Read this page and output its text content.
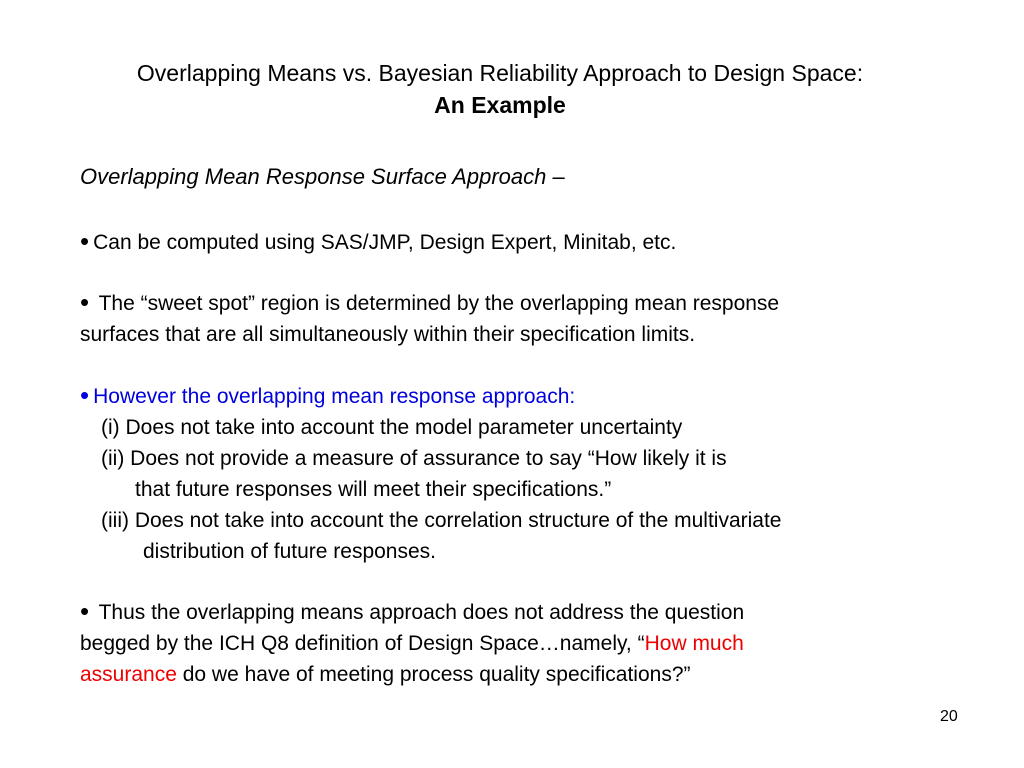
Overlapping Means vs. Bayesian Reliability Approach to Design Space:
An Example
Overlapping Mean Response Surface Approach –
• Can be computed using SAS/JMP, Design Expert, Minitab, etc.
• The “sweet spot” region is determined by the overlapping mean response
surfaces that are all simultaneously within their specification limits.
• However the overlapping mean response approach:
(i) Does not take into account the model parameter uncertainty
(ii) Does not provide a measure of assurance to say “How likely it is
that future responses will meet their specifications.”
(iii) Does not take into account the correlation structure of the multivariate
distribution of future responses.
• Thus the overlapping means approach does not address the question
begged by the ICH Q8 definition of Design Space…namely, “How much
assurance do we have of meeting process quality specifications?”
20
